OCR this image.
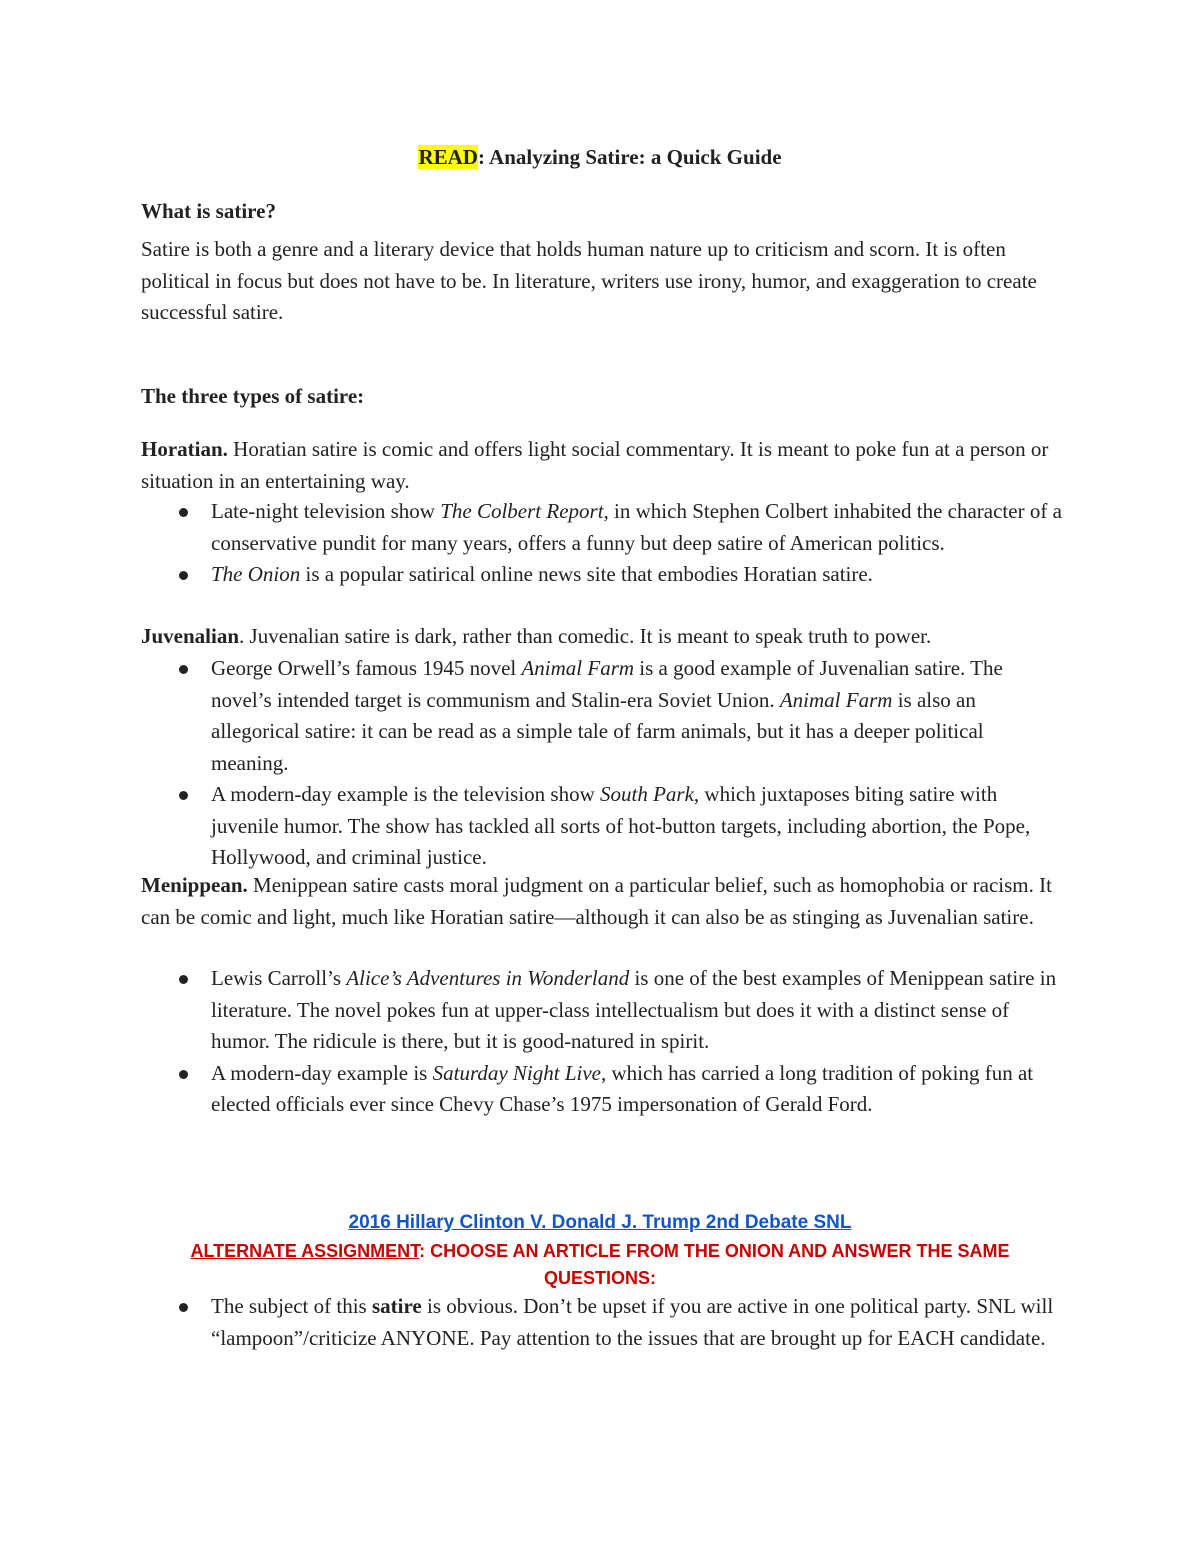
READ: Analyzing Satire: a Quick Guide
What is satire?

Satire is both a genre and a literary device that holds human nature up to criticism and scorn. It is often political in focus but does not have to be. In literature, writers use irony, humor, and exaggeration to create successful satire.

The three types of satire:

Horatian. Horatian satire is comic and offers light social commentary. It is meant to poke fun at a person or situation in an entertaining way.

Late-night television show The Colbert Report, in which Stephen Colbert inhabited the character of a conservative pundit for many years, offers a funny but deep satire of American politics.
The Onion is a popular satirical online news site that embodies Horatian satire.

Juvenalian. Juvenalian satire is dark, rather than comedic. It is meant to speak truth to power.

George Orwell’s famous 1945 novel Animal Farm is a good example of Juvenalian satire. The novel’s intended target is communism and Stalin-era Soviet Union. Animal Farm is also an allegorical satire: it can be read as a simple tale of farm animals, but it has a deeper political meaning.
A modern-day example is the television show South Park, which juxtaposes biting satire with juvenile humor. The show has tackled all sorts of hot-button targets, including abortion, the Pope, Hollywood, and criminal justice.

Menippean. Menippean satire casts moral judgment on a particular belief, such as homophobia or racism. It can be comic and light, much like Horatian satire—although it can also be as stinging as Juvenalian satire.

Lewis Carroll’s Alice’s Adventures in Wonderland is one of the best examples of Menippean satire in literature. The novel pokes fun at upper-class intellectualism but does it with a distinct sense of humor. The ridicule is there, but it is good-natured in spirit.
A modern-day example is Saturday Night Live, which has carried a long tradition of poking fun at elected officials ever since Chevy Chase’s 1975 impersonation of Gerald Ford.
2016 Hillary Clinton V. Donald J. Trump 2nd Debate SNL
ALTERNATE ASSIGNMENT: CHOOSE AN ARTICLE FROM THE ONION AND ANSWER THE SAME QUESTIONS:
The subject of this satire is obvious. Don’t be upset if you are active in one political party. SNL will “lampoon”/criticize ANYONE. Pay attention to the issues that are brought up for EACH candidate.
